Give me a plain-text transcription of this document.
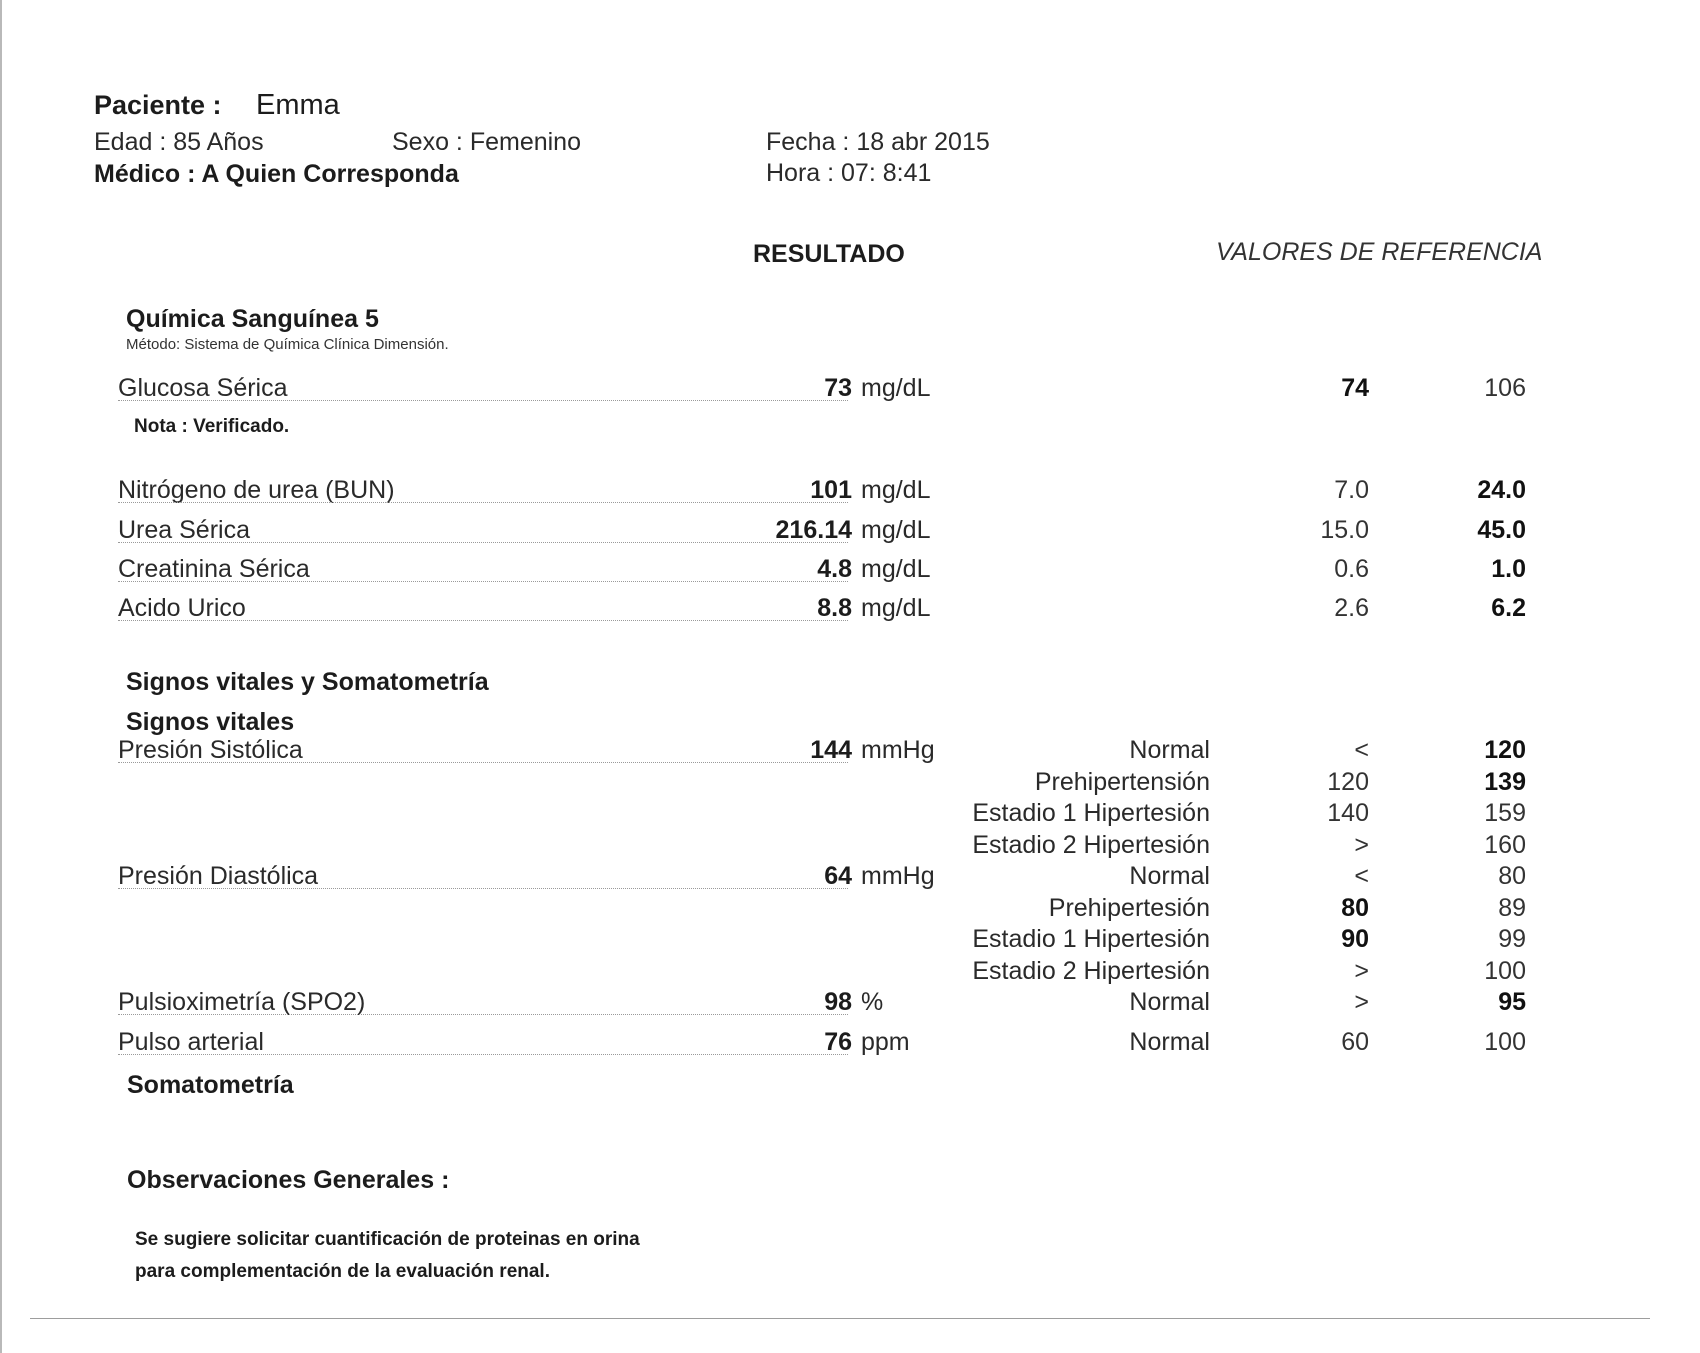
Paciente : Emma
Edad : 85 Años	Sexo : Femenino	Fecha : 18 abr 2015
Médico : A Quien Corresponda	Hora : 07: 8:41
RESULTADO	VALORES DE REFERENCIA
Química Sanguínea 5
Método: Sistema de Química Clínica Dimensión.
Glucosa Sérica	73 mg/dL	74	106
Nota : Verificado.
Nitrógeno de urea (BUN)	101 mg/dL	7.0	24.0
Urea Sérica	216.14 mg/dL	15.0	45.0
Creatinina Sérica	4.8 mg/dL	0.6	1.0
Acido Urico	8.8 mg/dL	2.6	6.2
Signos vitales y Somatometría
Signos vitales
Presión Sistólica	144 mmHg	Normal	<	120
Prehipertensión	120	139
Estadio 1 Hipertesión	140	159
Estadio 2 Hipertesión	>	160
Presión Diastólica	64 mmHg	Normal	<	80
Prehipertesión	80	89
Estadio 1 Hipertesión	90	99
Estadio 2 Hipertesión	>	100
Pulsioximetría (SPO2)	98 %	Normal	>	95
Pulso arterial	76 ppm	Normal	60	100
Somatometría
Observaciones Generales :
Se sugiere solicitar cuantificación de proteinas en orina
para complementación de la evaluación renal.
